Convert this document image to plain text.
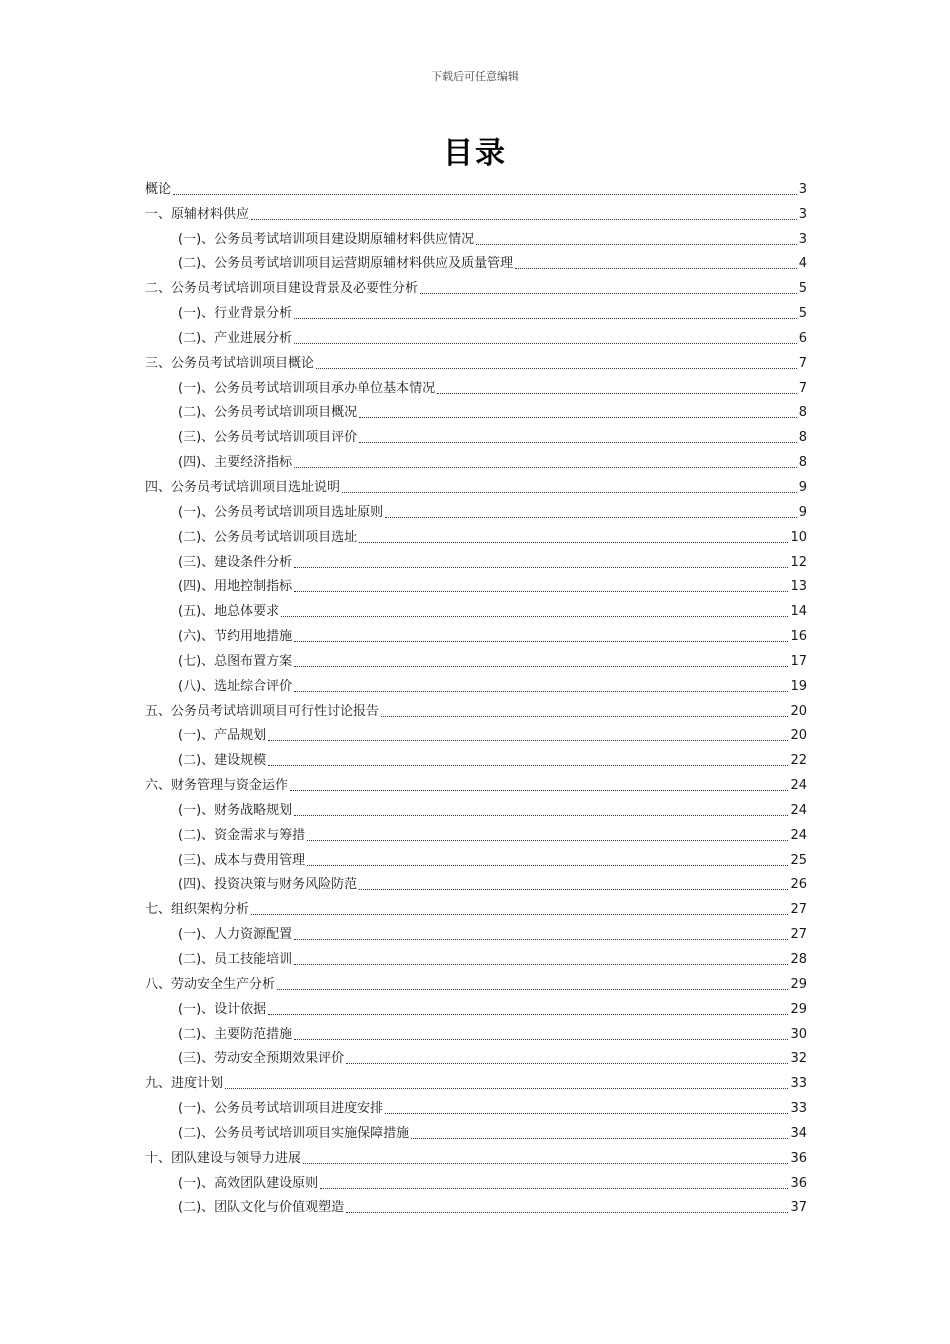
下载后可任意编辑
目录
概论	3
一、原辅材料供应	3
(一)、公务员考试培训项目建设期原辅材料供应情况	3
(二)、公务员考试培训项目运营期原辅材料供应及质量管理	4
二、公务员考试培训项目建设背景及必要性分析	5
(一)、行业背景分析	5
(二)、产业进展分析	6
三、公务员考试培训项目概论	7
(一)、公务员考试培训项目承办单位基本情况	7
(二)、公务员考试培训项目概况	8
(三)、公务员考试培训项目评价	8
(四)、主要经济指标	8
四、公务员考试培训项目选址说明	9
(一)、公务员考试培训项目选址原则	9
(二)、公务员考试培训项目选址	10
(三)、建设条件分析	12
(四)、用地控制指标	13
(五)、地总体要求	14
(六)、节约用地措施	16
(七)、总图布置方案	17
(八)、选址综合评价	19
五、公务员考试培训项目可行性讨论报告	20
(一)、产品规划	20
(二)、建设规模	22
六、财务管理与资金运作	24
(一)、财务战略规划	24
(二)、资金需求与筹措	24
(三)、成本与费用管理	25
(四)、投资决策与财务风险防范	26
七、组织架构分析	27
(一)、人力资源配置	27
(二)、员工技能培训	28
八、劳动安全生产分析	29
(一)、设计依据	29
(二)、主要防范措施	30
(三)、劳动安全预期效果评价	32
九、进度计划	33
(一)、公务员考试培训项目进度安排	33
(二)、公务员考试培训项目实施保障措施	34
十、团队建设与领导力进展	36
(一)、高效团队建设原则	36
(二)、团队文化与价值观塑造	37
